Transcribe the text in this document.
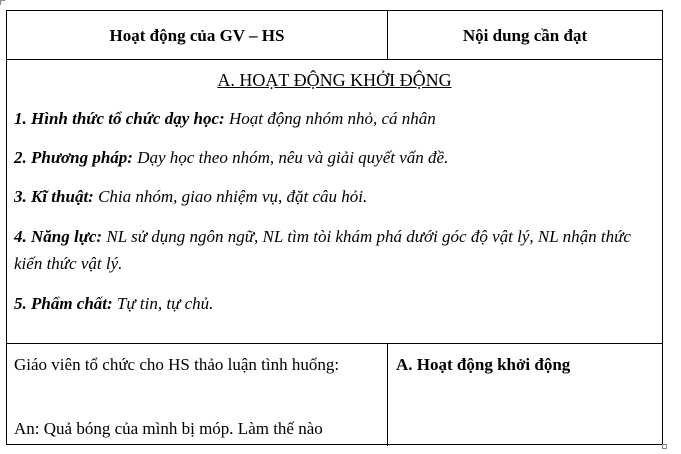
Hoạt động của GV – HS	Nội dung cần đạt
A. HOẠT ĐỘNG KHỞI ĐỘNG
1. Hình thức tổ chức dạy học: Hoạt động nhóm nhỏ, cá nhân
2. Phương pháp: Dạy học theo nhóm, nêu và giải quyết vấn đề.
3. Kĩ thuật: Chia nhóm, giao nhiệm vụ, đặt câu hỏi.
4. Năng lực: NL sử dụng ngôn ngữ, NL tìm tòi khám phá dưới góc độ vật lý, NL nhận thức kiến thức vật lý.
5. Phẩm chất: Tự tin, tự chủ.
Giáo viên tổ chức cho HS thảo luận tình huống:
An: Quả bóng của mình bị móp. Làm thế nào
A. Hoạt động khởi động
